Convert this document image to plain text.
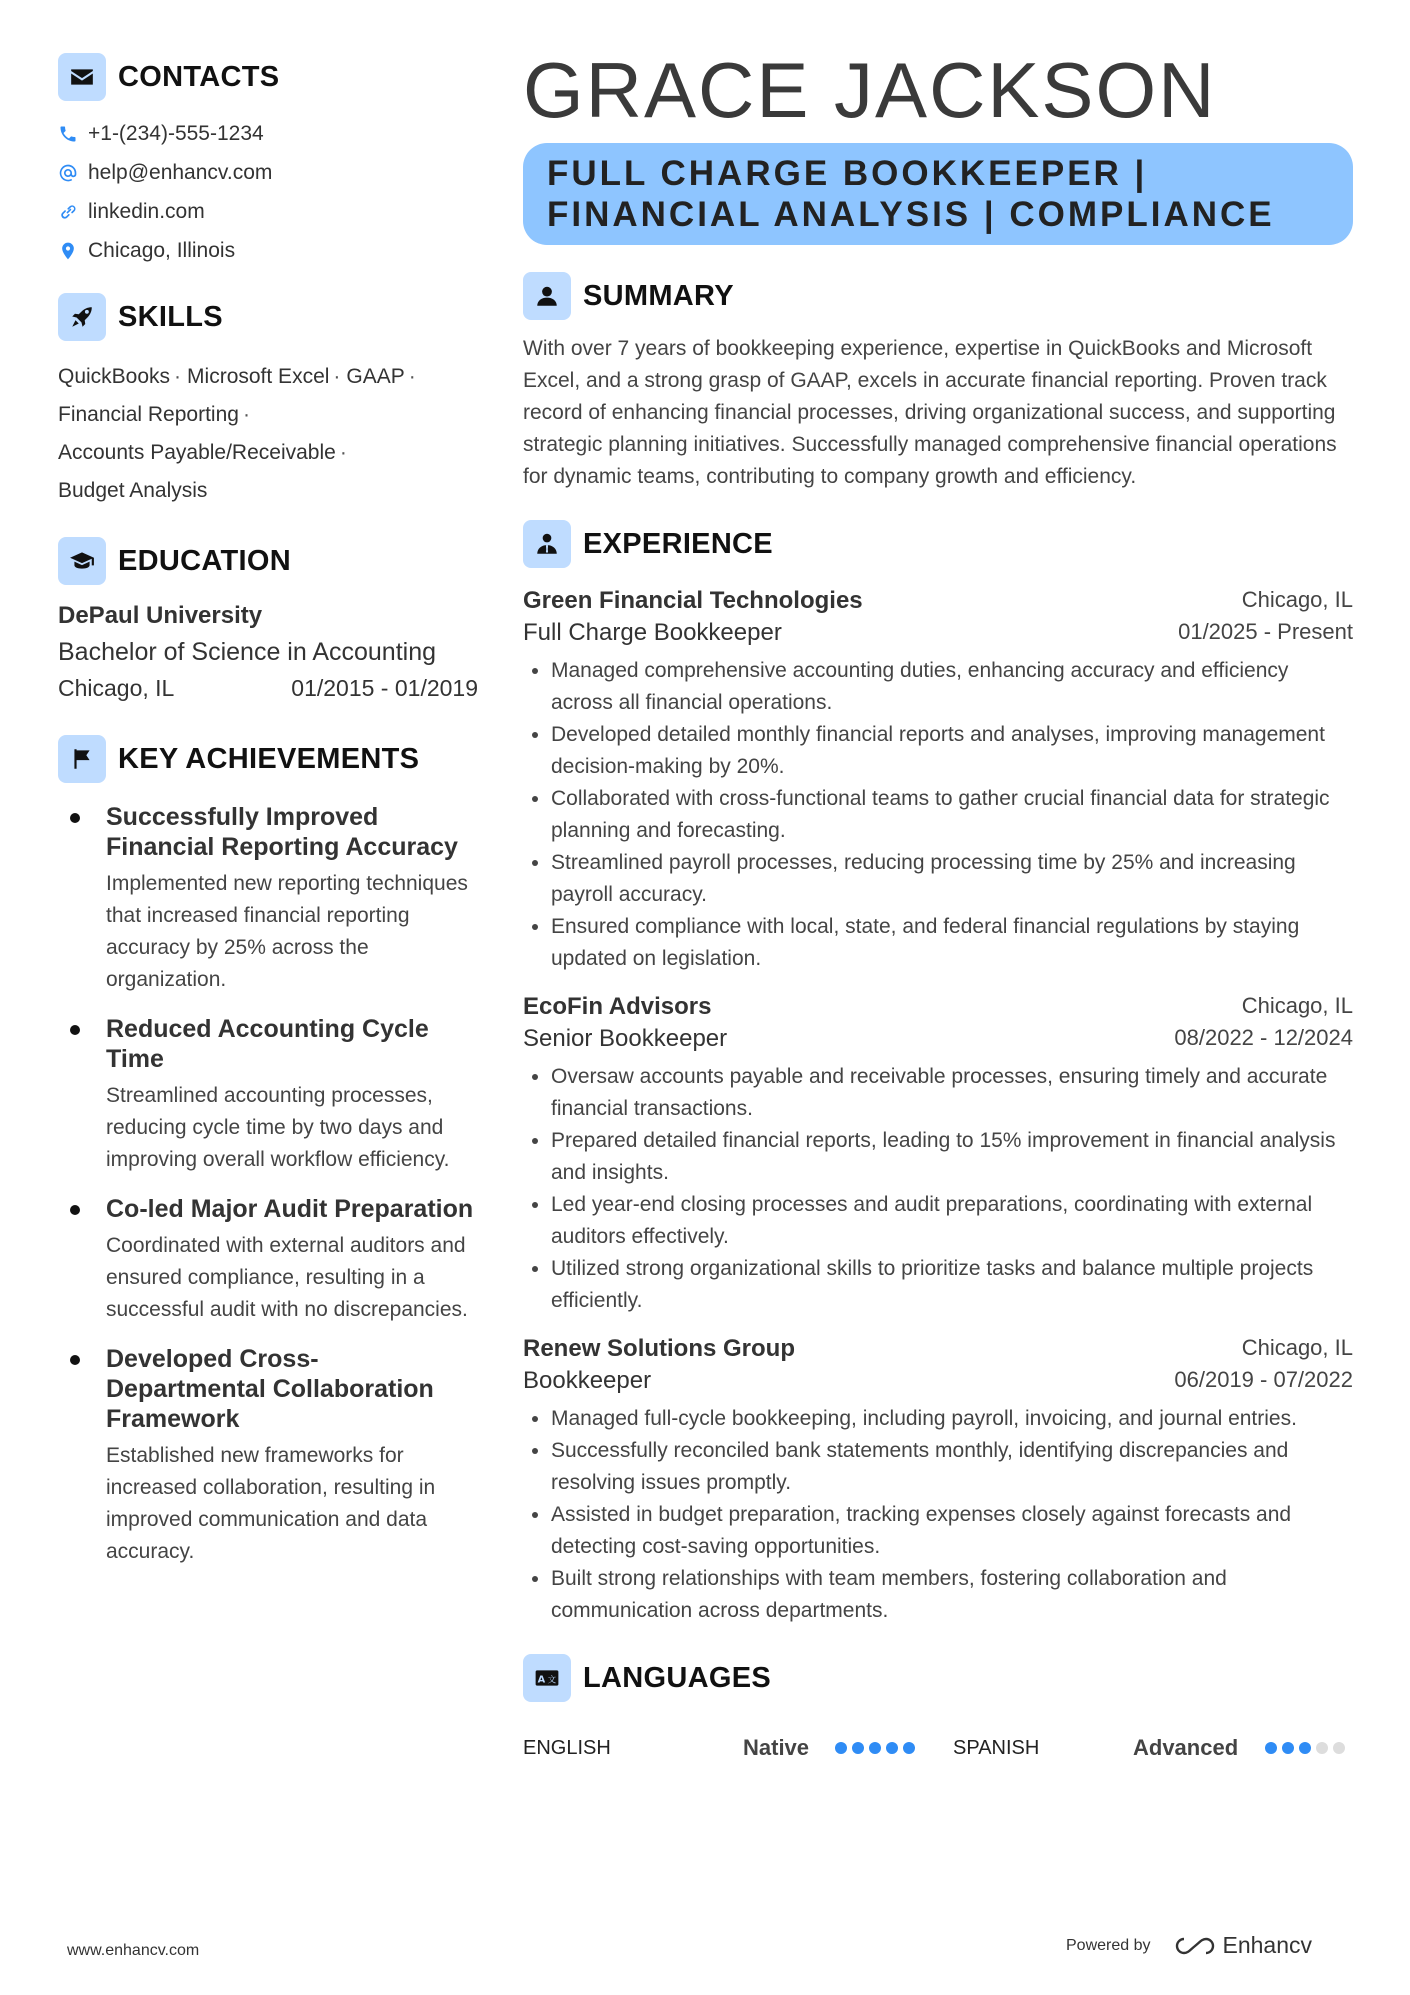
CONTACTS
+1-(234)-555-1234
help@enhancv.com
linkedin.com
Chicago, Illinois
SKILLS
QuickBooks · Microsoft Excel · GAAP ·
Financial Reporting ·
Accounts Payable/Receivable ·
Budget Analysis
EDUCATION
DePaul University
Bachelor of Science in Accounting
Chicago, IL	01/2015 - 01/2019
KEY ACHIEVEMENTS
Successfully Improved Financial Reporting Accuracy
Implemented new reporting techniques that increased financial reporting accuracy by 25% across the organization.
Reduced Accounting Cycle Time
Streamlined accounting processes, reducing cycle time by two days and improving overall workflow efficiency.
Co-led Major Audit Preparation
Coordinated with external auditors and ensured compliance, resulting in a successful audit with no discrepancies.
Developed Cross-Departmental Collaboration Framework
Established new frameworks for increased collaboration, resulting in improved communication and data accuracy.
GRACE JACKSON
FULL CHARGE BOOKKEEPER | FINANCIAL ANALYSIS | COMPLIANCE
SUMMARY
With over 7 years of bookkeeping experience, expertise in QuickBooks and Microsoft Excel, and a strong grasp of GAAP, excels in accurate financial reporting. Proven track record of enhancing financial processes, driving organizational success, and supporting strategic planning initiatives. Successfully managed comprehensive financial operations for dynamic teams, contributing to company growth and efficiency.
EXPERIENCE
Green Financial Technologies	Chicago, IL
Full Charge Bookkeeper	01/2025 - Present
• Managed comprehensive accounting duties, enhancing accuracy and efficiency across all financial operations.
• Developed detailed monthly financial reports and analyses, improving management decision-making by 20%.
• Collaborated with cross-functional teams to gather crucial financial data for strategic planning and forecasting.
• Streamlined payroll processes, reducing processing time by 25% and increasing payroll accuracy.
• Ensured compliance with local, state, and federal financial regulations by staying updated on legislation.
EcoFin Advisors	Chicago, IL
Senior Bookkeeper	08/2022 - 12/2024
• Oversaw accounts payable and receivable processes, ensuring timely and accurate financial transactions.
• Prepared detailed financial reports, leading to 15% improvement in financial analysis and insights.
• Led year-end closing processes and audit preparations, coordinating with external auditors effectively.
• Utilized strong organizational skills to prioritize tasks and balance multiple projects efficiently.
Renew Solutions Group	Chicago, IL
Bookkeeper	06/2019 - 07/2022
• Managed full-cycle bookkeeping, including payroll, invoicing, and journal entries.
• Successfully reconciled bank statements monthly, identifying discrepancies and resolving issues promptly.
• Assisted in budget preparation, tracking expenses closely against forecasts and detecting cost-saving opportunities.
• Built strong relationships with team members, fostering collaboration and communication across departments.
A 文 LANGUAGES
ENGLISH	Native	SPANISH	Advanced
www.enhancv.com	Powered by	Enhancv
